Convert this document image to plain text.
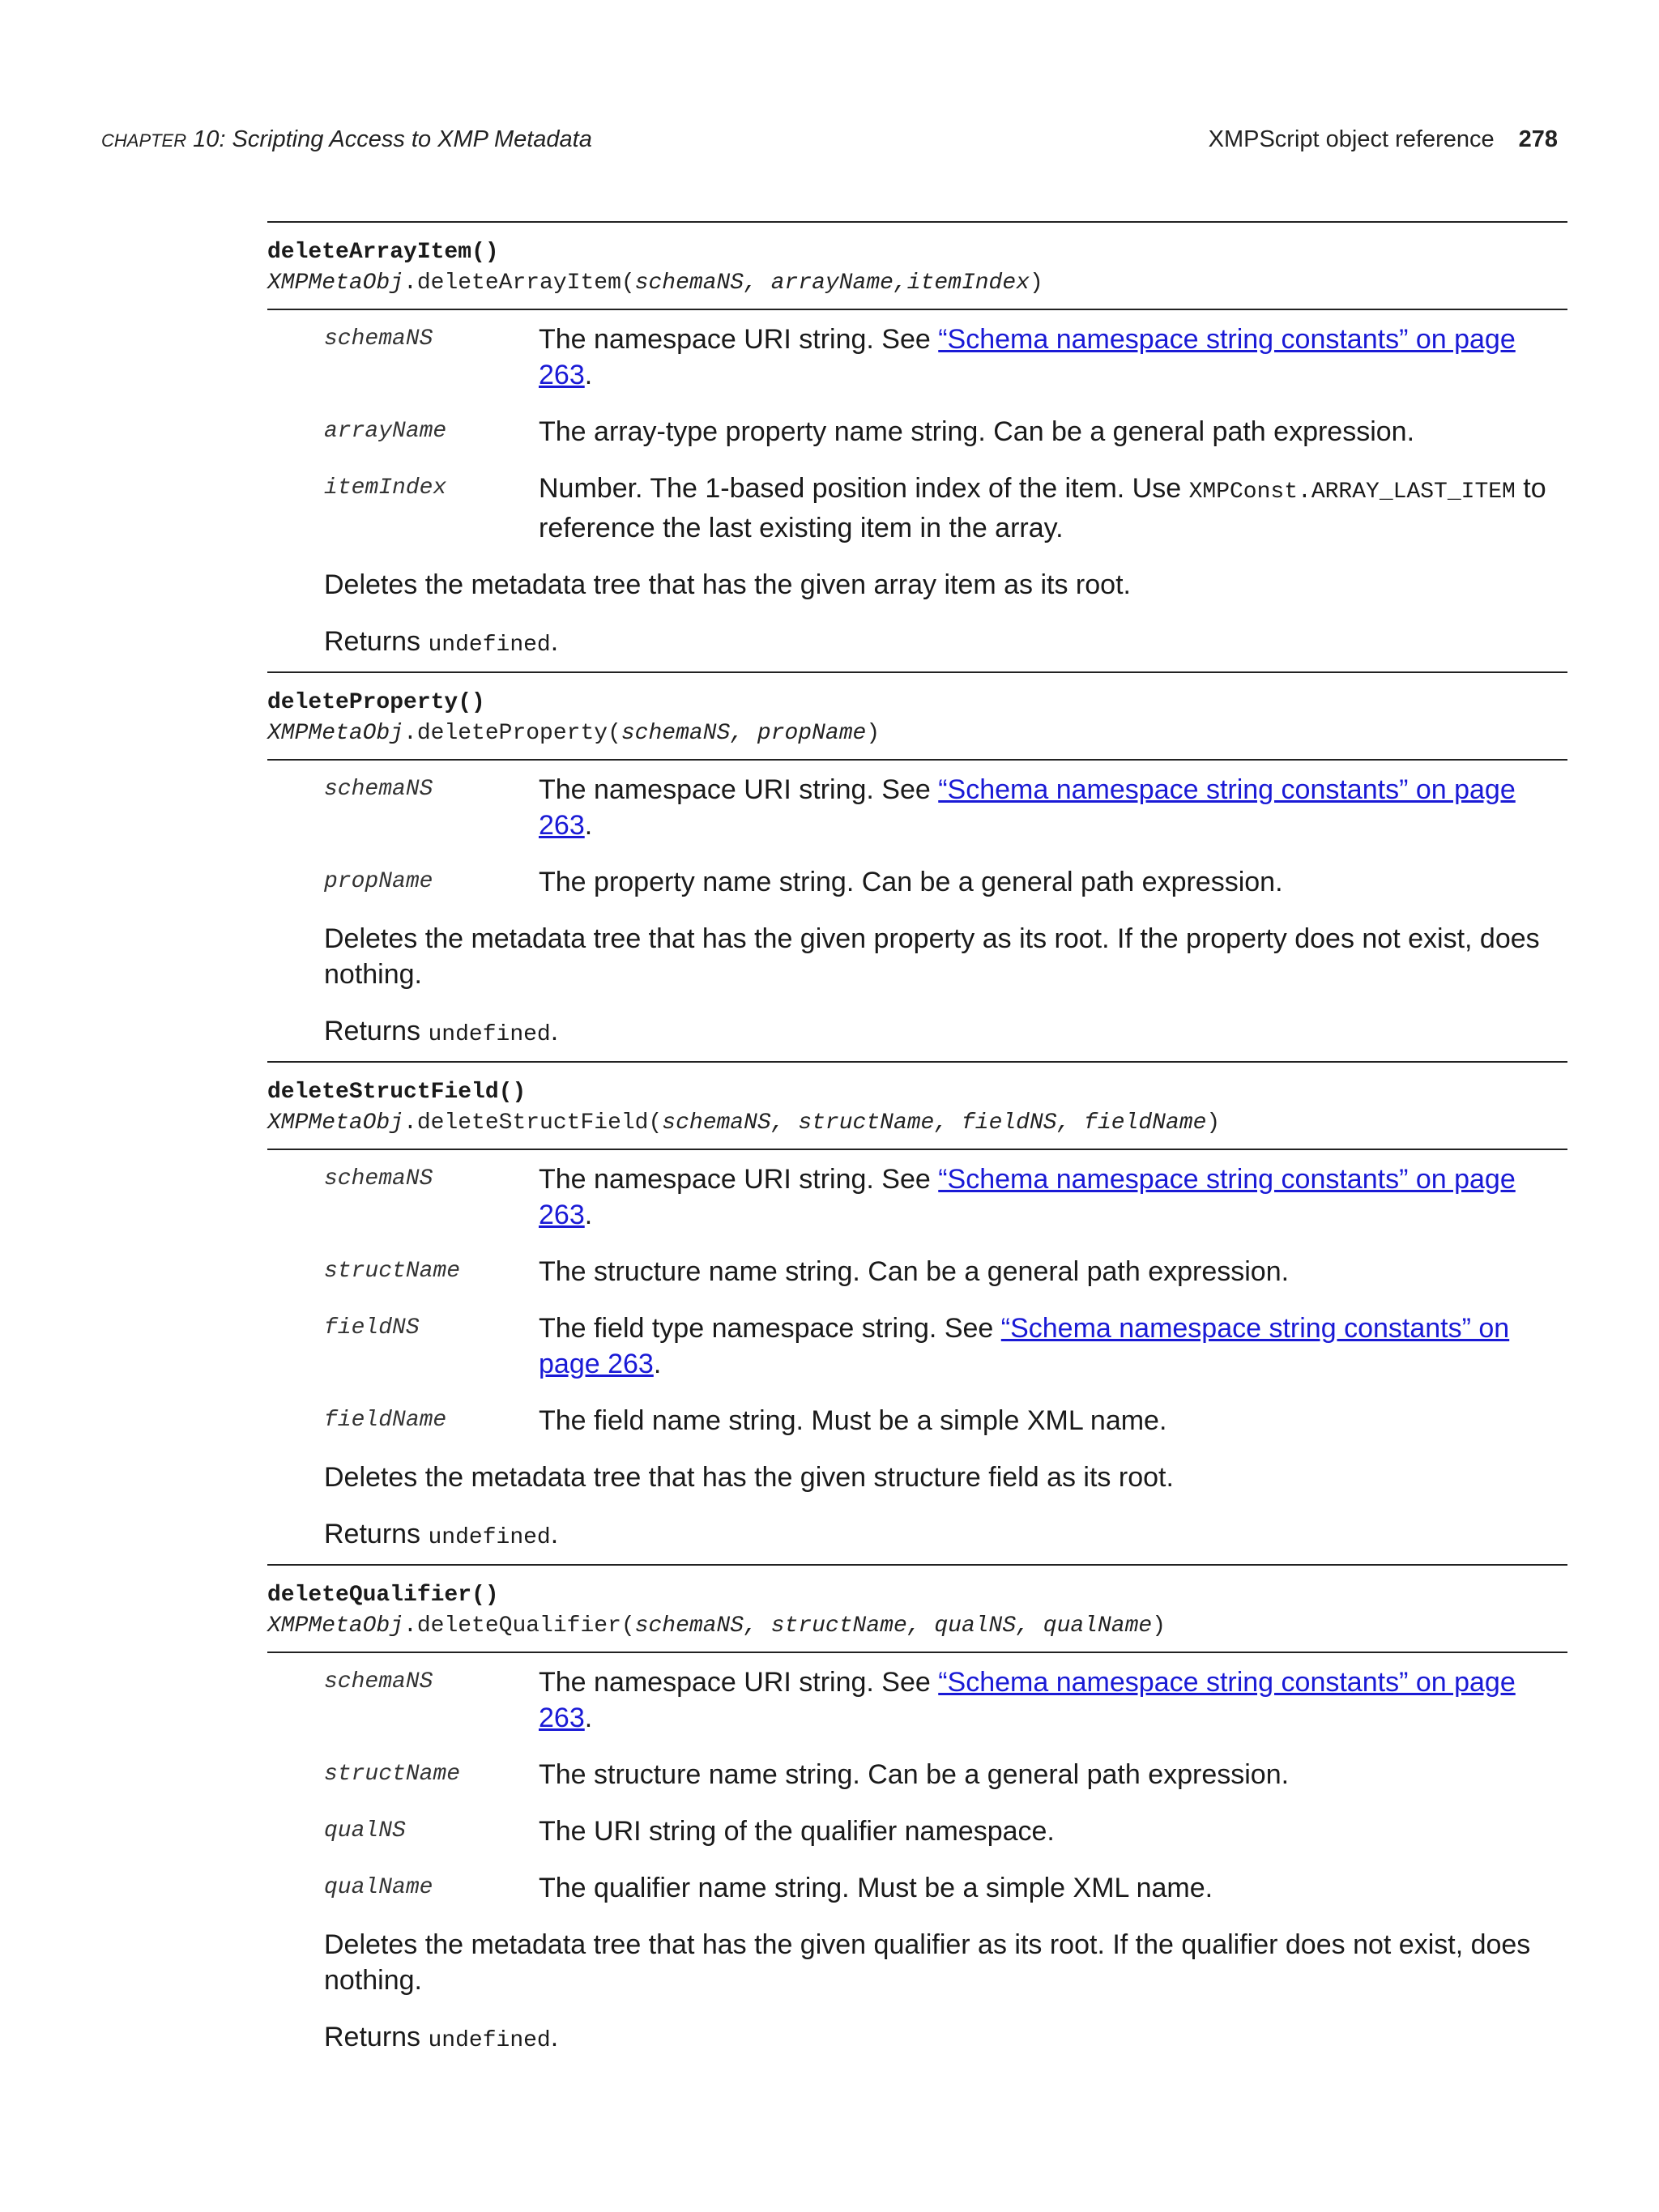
CHAPTER 10: Scripting Access to XMP Metadata	XMPScript object reference 278
deleteArrayItem()
XMPMetaObj.deleteArrayItem(schemaNS, arrayName,itemIndex)
schemaNS	The namespace URI string. See “Schema namespace string constants” on page 263.
arrayName	The array-type property name string. Can be a general path expression.
itemIndex	Number. The 1-based position index of the item. Use XMPConst.ARRAY_LAST_ITEM to reference the last existing item in the array.

Deletes the metadata tree that has the given array item as its root.

Returns undefined.

deleteProperty()
XMPMetaObj.deleteProperty(schemaNS, propName)
schemaNS	The namespace URI string. See “Schema namespace string constants” on page 263.
propName	The property name string. Can be a general path expression.

Deletes the metadata tree that has the given property as its root. If the property does not exist, does nothing.

Returns undefined.

deleteStructField()
XMPMetaObj.deleteStructField(schemaNS, structName, fieldNS, fieldName)
schemaNS	The namespace URI string. See “Schema namespace string constants” on page 263.
structName	The structure name string. Can be a general path expression.
fieldNS	The field type namespace string. See “Schema namespace string constants” on page 263.
fieldName	The field name string. Must be a simple XML name.

Deletes the metadata tree that has the given structure field as its root.

Returns undefined.

deleteQualifier()
XMPMetaObj.deleteQualifier(schemaNS, structName, qualNS, qualName)
schemaNS	The namespace URI string. See “Schema namespace string constants” on page 263.
structName	The structure name string. Can be a general path expression.
qualNS	The URI string of the qualifier namespace.
qualName	The qualifier name string. Must be a simple XML name.

Deletes the metadata tree that has the given qualifier as its root. If the qualifier does not exist, does nothing.

Returns undefined.
